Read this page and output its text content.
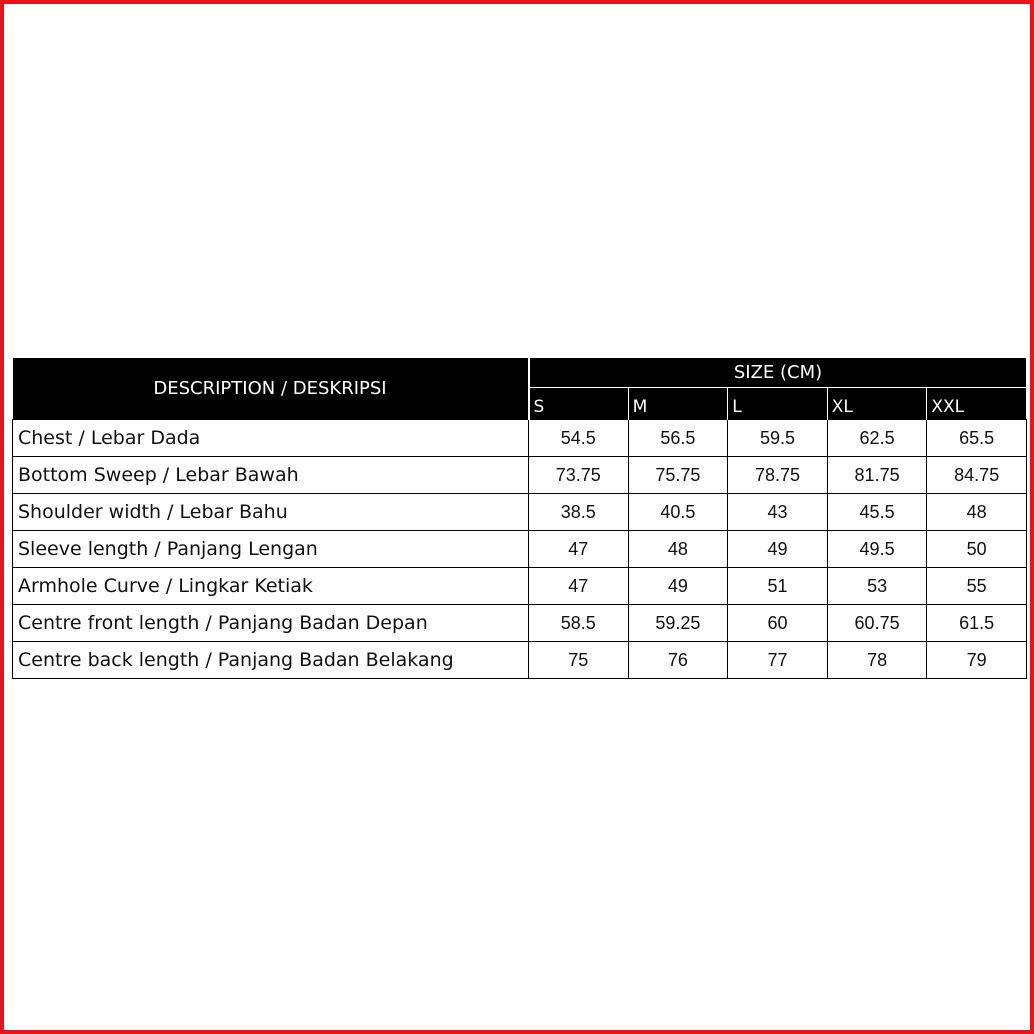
DESCRIPTION / DESKRIPSI	SIZE (CM)				
	S	M	L	XL	XXL
Chest / Lebar Dada	54.5	56.5	59.5	62.5	65.5
Bottom Sweep / Lebar Bawah	73.75	75.75	78.75	81.75	84.75
Shoulder width / Lebar Bahu	38.5	40.5	43	45.5	48
Sleeve length / Panjang Lengan	47	48	49	49.5	50
Armhole Curve / Lingkar Ketiak	47	49	51	53	55
Centre front length / Panjang Badan Depan	58.5	59.25	60	60.75	61.5
Centre back length / Panjang Badan Belakang	75	76	77	78	79
